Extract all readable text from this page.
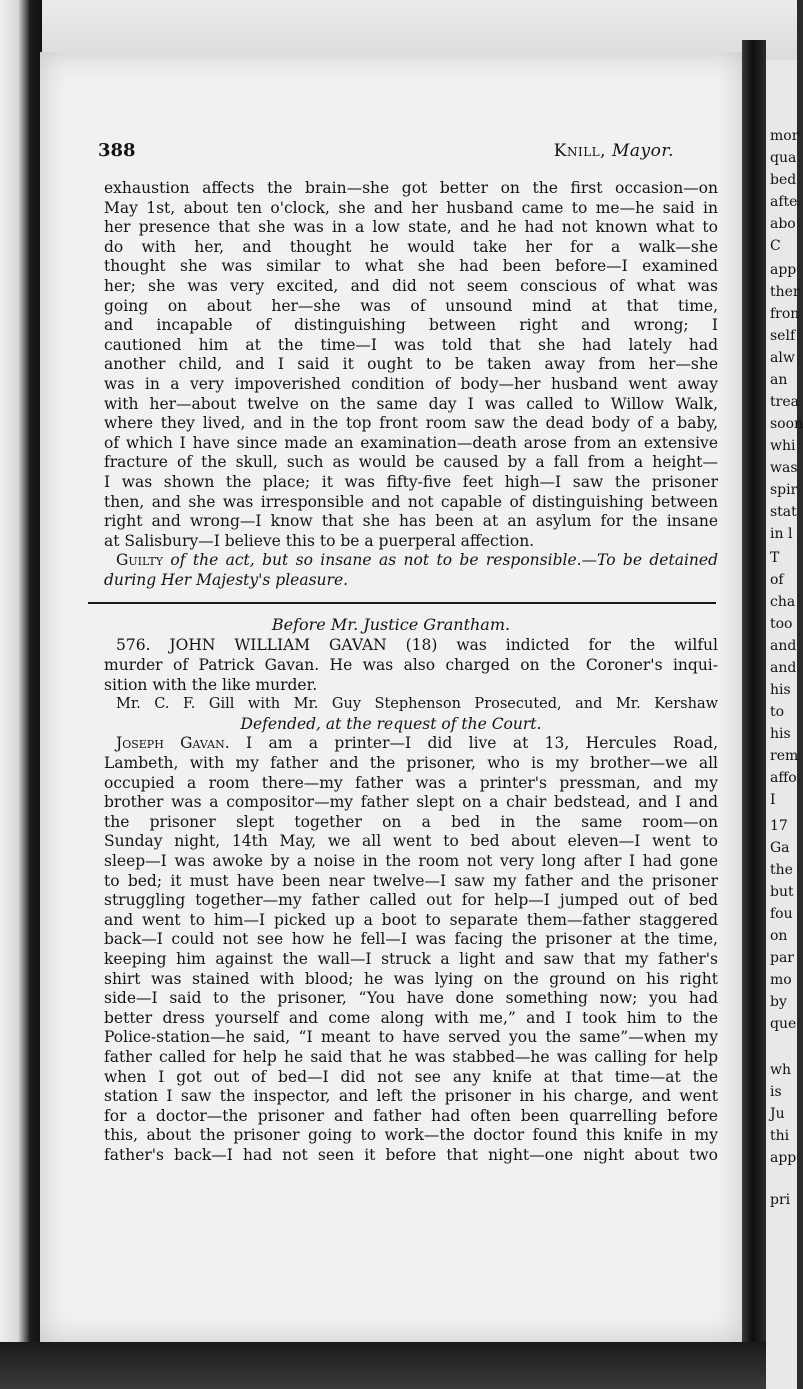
mor
qua
bed
afte
abo
C
app
ther
fron
self
alw
an
trea
soon
whi
was
spir
stat
in l
T
of
cha
too
and
and
his
to
his
rem
affo
I
17
Ga
the
but
fou
on
par
mo
by
que
wh
is
Ju
thi
app
pri
388	Knill, Mayor.
exhaustion affects the brain—she got better on the first occasion—on
May 1st, about ten o'clock, she and her husband came to me—he said in
her presence that she was in a low state, and he had not known what to
do with her, and thought he would take her for a walk—she
thought she was similar to what she had been before—I examined
her; she was very excited, and did not seem conscious of what was
going on about her—she was of unsound mind at that time,
and incapable of distinguishing between right and wrong; I
cautioned him at the time—I was told that she had lately had
another child, and I said it ought to be taken away from her—she
was in a very impoverished condition of body—her husband went away
with her—about twelve on the same day I was called to Willow Walk,
where they lived, and in the top front room saw the dead body of a baby,
of which I have since made an examination—death arose from an extensive
fracture of the skull, such as would be caused by a fall from a height—
I was shown the place; it was fifty-five feet high—I saw the prisoner
then, and she was irresponsible and not capable of distinguishing between
right and wrong—I know that she has been at an asylum for the insane
at Salisbury—I believe this to be a puerperal affection.
Guilty of the act, but so insane as not to be responsible.—To be detained
during Her Majesty's pleasure.
Before Mr. Justice Grantham.
576. JOHN WILLIAM GAVAN (18) was indicted for the wilful
murder of Patrick Gavan. He was also charged on the Coroner's inqui-
sition with the like murder.
Mr. C. F. Gill with Mr. Guy Stephenson Prosecuted, and Mr. Kershaw
Defended, at the request of the Court.
Joseph Gavan. I am a printer—I did live at 13, Hercules Road,
Lambeth, with my father and the prisoner, who is my brother—we all
occupied a room there—my father was a printer's pressman, and my
brother was a compositor—my father slept on a chair bedstead, and I and
the prisoner slept together on a bed in the same room—on
Sunday night, 14th May, we all went to bed about eleven—I went to
sleep—I was awoke by a noise in the room not very long after I had gone
to bed; it must have been near twelve—I saw my father and the prisoner
struggling together—my father called out for help—I jumped out of bed
and went to him—I picked up a boot to separate them—father staggered
back—I could not see how he fell—I was facing the prisoner at the time,
keeping him against the wall—I struck a light and saw that my father's
shirt was stained with blood; he was lying on the ground on his right
side—I said to the prisoner, “You have done something now; you had
better dress yourself and come along with me,” and I took him to the
Police-station—he said, “I meant to have served you the same”—when my
father called for help he said that he was stabbed—he was calling for help
when I got out of bed—I did not see any knife at that time—at the
station I saw the inspector, and left the prisoner in his charge, and went
for a doctor—the prisoner and father had often been quarrelling before
this, about the prisoner going to work—the doctor found this knife in my
father's back—I had not seen it before that night—one night about two
